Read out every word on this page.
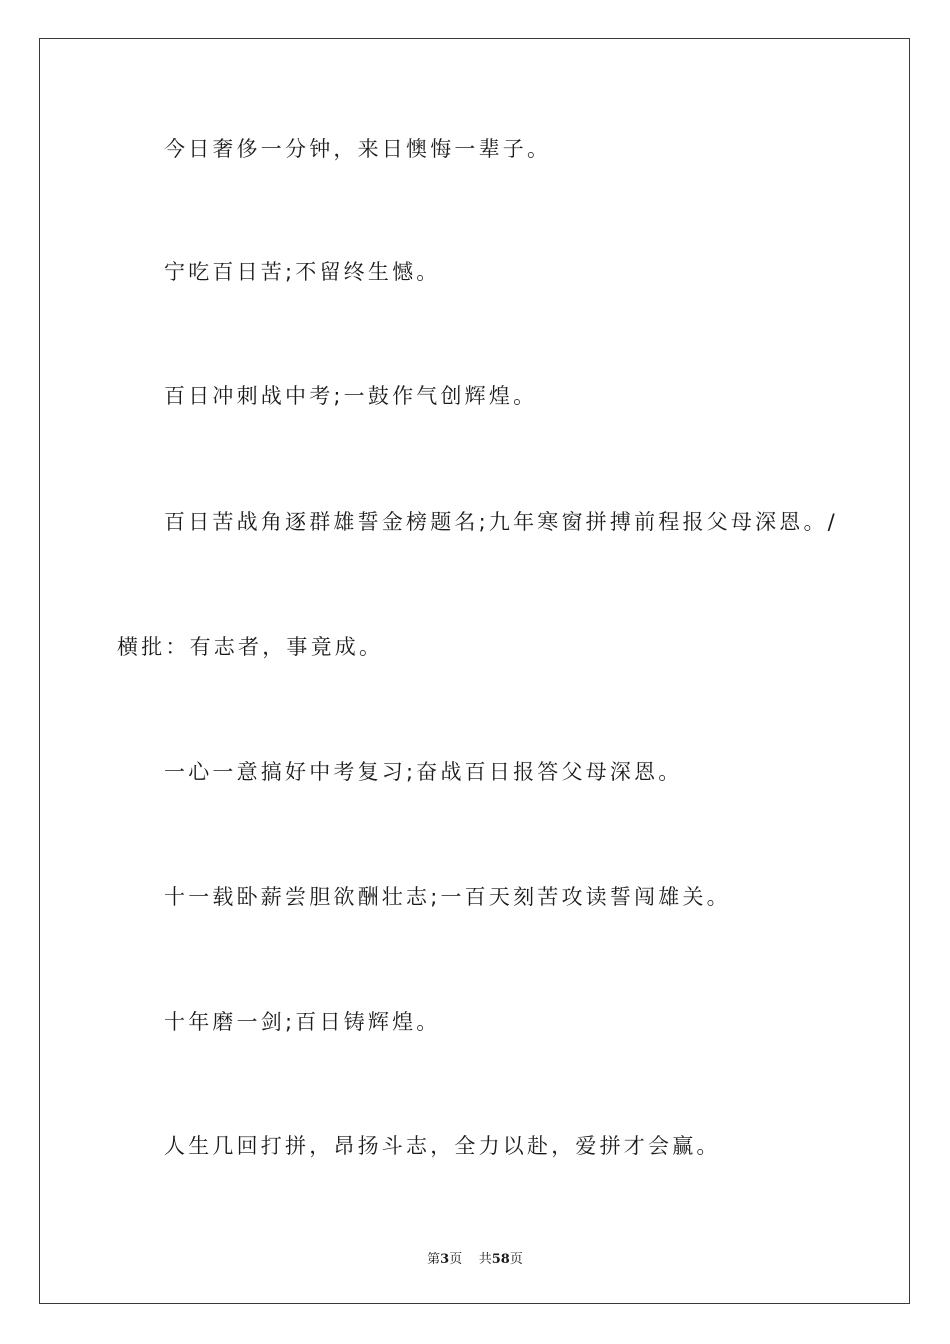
今日奢侈一分钟，来日懊悔一辈子。
宁吃百日苦;不留终生憾。
百日冲刺战中考;一鼓作气创辉煌。
百日苦战角逐群雄誓金榜题名;九年寒窗拼搏前程报父母深恩。/
横批：有志者，事竟成。
一心一意搞好中考复习;奋战百日报答父母深恩。
十一载卧薪尝胆欲酬壮志;一百天刻苦攻读誓闯雄关。
十年磨一剑;百日铸辉煌。
人生几回打拼，昂扬斗志，全力以赴，爱拼才会赢。
第3页 共58页
